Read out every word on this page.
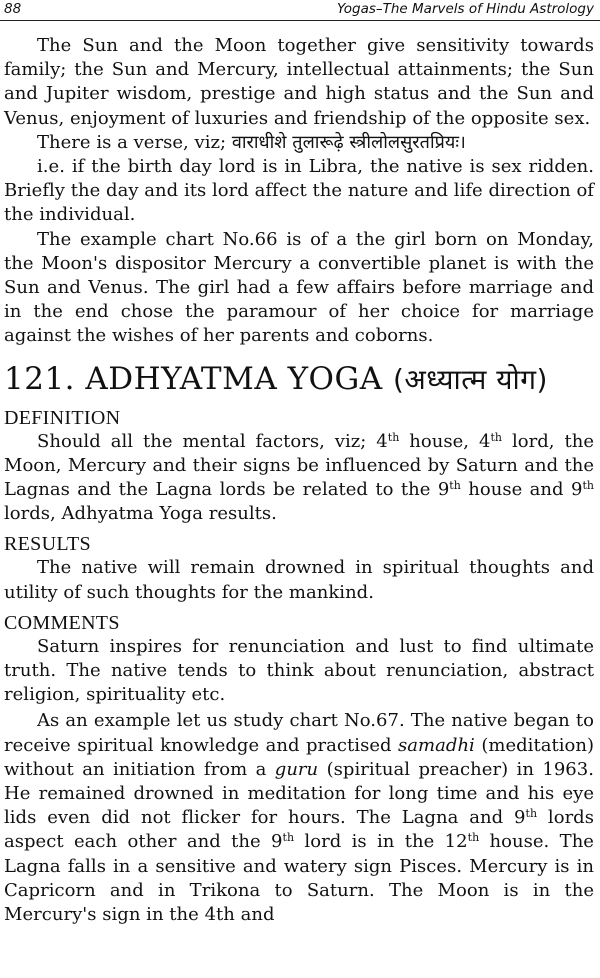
88	Yogas–The Marvels of Hindu Astrology

The Sun and the Moon together give sensitivity towards family; the Sun and Mercury, intellectual attainments; the Sun and Jupiter wisdom, prestige and high status and the Sun and Venus, enjoyment of luxuries and friendship of the opposite sex.

There is a verse, viz; वाराधीशे तुलारूढ़े स्त्रीलोलसुरतप्रियः।

i.e. if the birth day lord is in Libra, the native is sex ridden. Briefly the day and its lord affect the nature and life direction of the individual.

The example chart No.66 is of a the girl born on Monday, the Moon's dispositor Mercury a convertible planet is with the Sun and Venus. The girl had a few affairs before marriage and in the end chose the paramour of her choice for marriage against the wishes of her parents and coborns.

121. ADHYATMA YOGA (अध्यात्म योग)
DEFINITION

Should all the mental factors, viz; 4th house, 4th lord, the Moon, Mercury and their signs be influenced by Saturn and the Lagnas and the Lagna lords be related to the 9th house and 9th lords, Adhyatma Yoga results.

RESULTS

The native will remain drowned in spiritual thoughts and utility of such thoughts for the mankind.

COMMENTS

Saturn inspires for renunciation and lust to find ultimate truth. The native tends to think about renunciation, abstract religion, spirituality etc.

As an example let us study chart No.67. The native began to receive spiritual knowledge and practised samadhi (meditation) without an initiation from a guru (spiritual preacher) in 1963. He remained drowned in meditation for long time and his eye lids even did not flicker for hours. The Lagna and 9th lords aspect each other and the 9th lord is in the 12th house. The Lagna falls in a sensitive and watery sign Pisces. Mercury is in Capricorn and in Trikona to Saturn. The Moon is in the Mercury's sign in the 4th and
